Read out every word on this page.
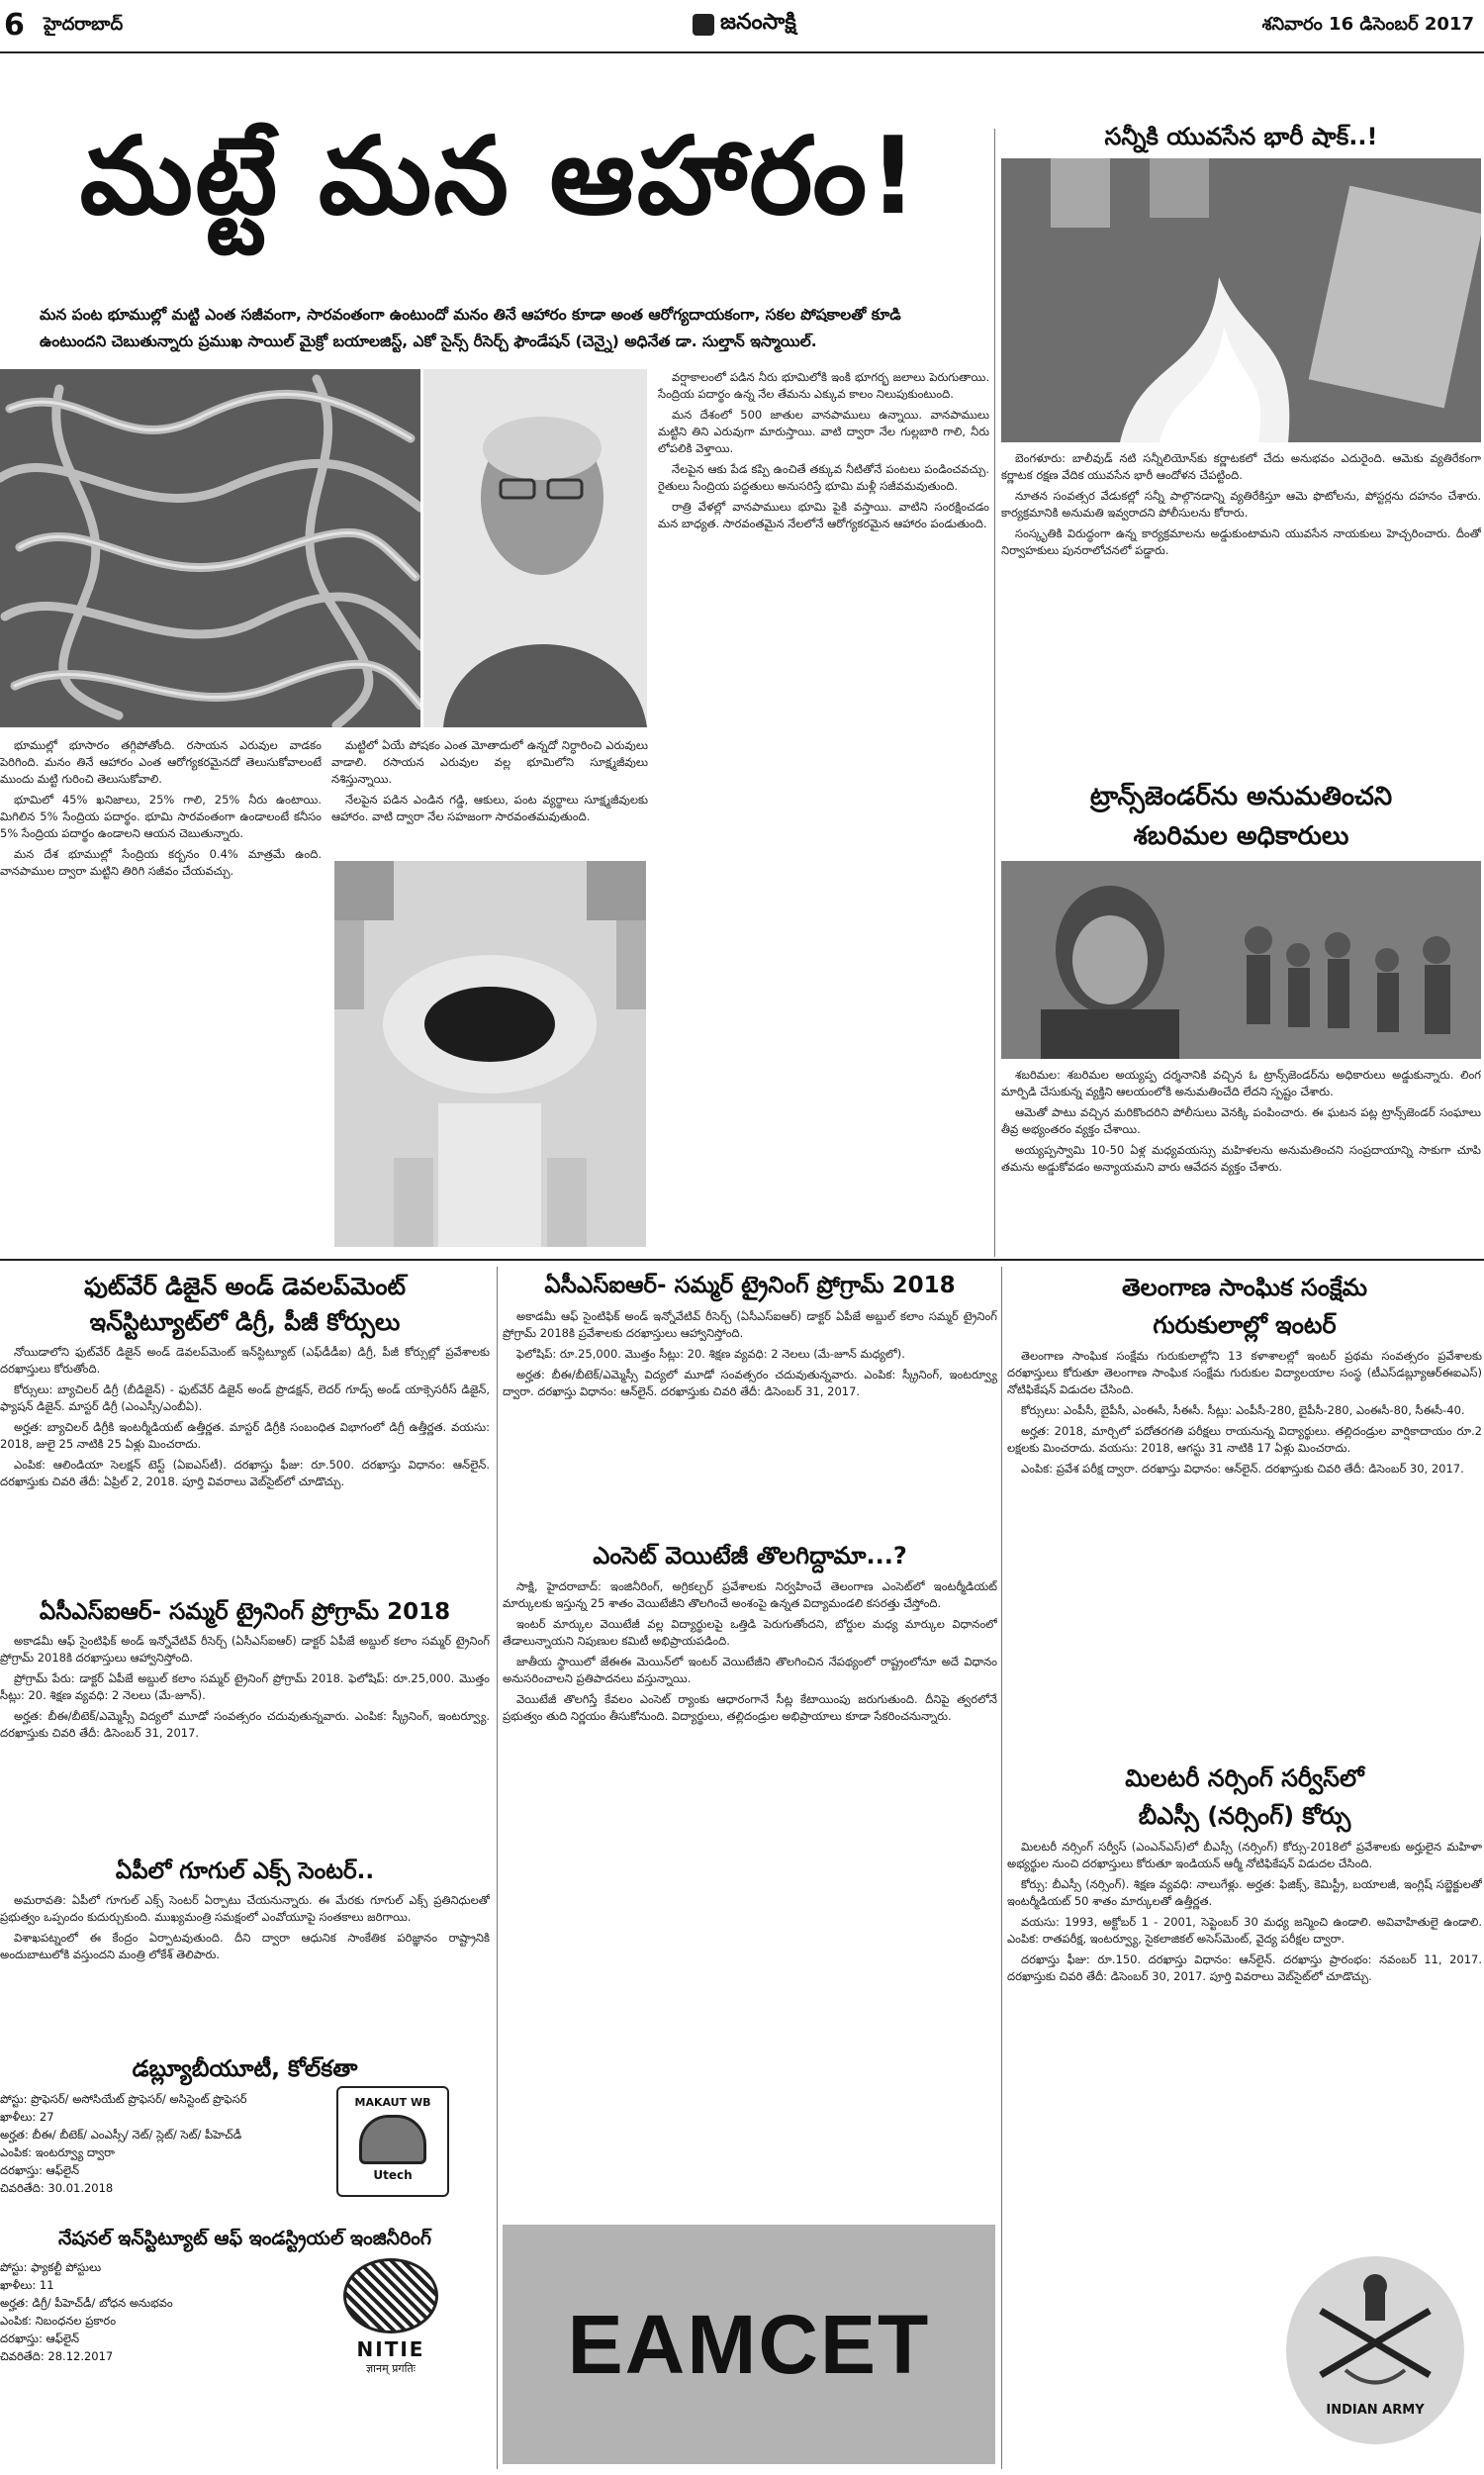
6 హైదరాబాద్	జనంసాక్షి	శనివారం 16 డిసెంబర్ 2017
మట్టే మన ఆహారం!
మన పంట భూముల్లో మట్టి ఎంత సజీవంగా, సారవంతంగా ఉంటుందో మనం తినే ఆహారం కూడా అంత ఆరోగ్యదాయకంగా, సకల పోషకాలతో కూడి
ఉంటుందని చెబుతున్నారు ప్రముఖ సాయిల్ మైక్రో బయాలజిస్ట్, ఎకో సైన్స్ రీసెర్చ్ ఫౌండేషన్ (చెన్నై) అధినేత డా. సుల్తాన్ ఇస్మాయిల్.

భూముల్లో భూసారం తగ్గిపోతోంది. రసాయన ఎరువుల వాడకం పెరిగింది. మనం తినే ఆహారం ఎంత ఆరోగ్యకరమైనదో తెలుసుకోవాలంటే ముందు మట్టి గురించి తెలుసుకోవాలి.

భూమిలో 45% ఖనిజాలు, 25% గాలి, 25% నీరు ఉంటాయి. మిగిలిన 5% సేంద్రియ పదార్థం. భూమి సారవంతంగా ఉండాలంటే కనీసం 5% సేంద్రియ పదార్థం ఉండాలని ఆయన చెబుతున్నారు.

మన దేశ భూముల్లో సేంద్రియ కర్బనం 0.4% మాత్రమే ఉంది. వానపాముల ద్వారా మట్టిని తిరిగి సజీవం చేయవచ్చు.

మట్టిలో ఏయే పోషకం ఎంత మోతాదులో ఉన్నదో నిర్ధారించి ఎరువులు వాడాలి. రసాయన ఎరువుల వల్ల భూమిలోని సూక్ష్మజీవులు నశిస్తున్నాయి.

నేలపైన పడిన ఎండిన గడ్డి, ఆకులు, పంట వ్యర్థాలు సూక్ష్మజీవులకు ఆహారం. వాటి ద్వారా నేల సహజంగా సారవంతమవుతుంది.

వర్షాకాలంలో పడిన నీరు భూమిలోకి ఇంకి భూగర్భ జలాలు పెరుగుతాయి. సేంద్రియ పదార్థం ఉన్న నేల తేమను ఎక్కువ కాలం నిలుపుకుంటుంది.

మన దేశంలో 500 జాతుల వానపాములు ఉన్నాయి. వానపాములు మట్టిని తిని ఎరువుగా మారుస్తాయి. వాటి ద్వారా నేల గుల్లబారి గాలి, నీరు లోపలికి వెళ్తాయి.

నేలపైన ఆకు పేడ కప్పి ఉంచితే తక్కువ నీటితోనే పంటలు పండించవచ్చు. రైతులు సేంద్రియ పద్ధతులు అనుసరిస్తే భూమి మళ్లీ సజీవమవుతుంది.

రాత్రి వేళల్లో వానపాములు భూమి పైకి వస్తాయి. వాటిని సంరక్షించడం మన బాధ్యత. సారవంతమైన నేలలోనే ఆరోగ్యకరమైన ఆహారం పండుతుంది.

సన్నీకి యువసేన భారీ షాక్..!

బెంగళూరు: బాలీవుడ్ నటి సన్నీలియోన్‌కు కర్ణాటకలో చేదు అనుభవం ఎదురైంది. ఆమెకు వ్యతిరేకంగా కర్ణాటక రక్షణ వేదిక యువసేన భారీ ఆందోళన చేపట్టింది.

నూతన సంవత్సర వేడుకల్లో సన్నీ పాల్గొనడాన్ని వ్యతిరేకిస్తూ ఆమె ఫొటోలను, పోస్టర్లను దహనం చేశారు. కార్యక్రమానికి అనుమతి ఇవ్వరాదని పోలీసులను కోరారు.

సంస్కృతికి విరుద్ధంగా ఉన్న కార్యక్రమాలను అడ్డుకుంటామని యువసేన నాయకులు హెచ్చరించారు. దీంతో నిర్వాహకులు పునరాలోచనలో పడ్డారు.

ట్రాన్స్‌జెండర్‌ను అనుమతించని
శబరిమల అధికారులు

శబరిమల: శబరిమల అయ్యప్ప దర్శనానికి వచ్చిన ఓ ట్రాన్స్‌జెండర్‌ను అధికారులు అడ్డుకున్నారు. లింగ మార్పిడి చేసుకున్న వ్యక్తిని ఆలయంలోకి అనుమతించేది లేదని స్పష్టం చేశారు.

ఆమెతో పాటు వచ్చిన మరికొందరిని పోలీసులు వెనక్కి పంపించారు. ఈ ఘటన పట్ల ట్రాన్స్‌జెండర్ సంఘాలు తీవ్ర అభ్యంతరం వ్యక్తం చేశాయి.

అయ్యప్పస్వామి 10-50 ఏళ్ల మధ్యవయస్సు మహిళలను అనుమతించని సంప్రదాయాన్ని సాకుగా చూపి తమను అడ్డుకోవడం అన్యాయమని వారు ఆవేదన వ్యక్తం చేశారు.

ఫుట్‌వేర్ డిజైన్ అండ్ డెవలప్‌మెంట్
ఇన్‌స్టిట్యూట్‌లో డిగ్రీ, పీజీ కోర్సులు

నోయిడాలోని ఫుట్‌వేర్ డిజైన్ అండ్ డెవలప్‌మెంట్ ఇన్‌స్టిట్యూట్ (ఎఫ్‌డీడీఐ) డిగ్రీ, పీజీ కోర్సుల్లో ప్రవేశాలకు దరఖాస్తులు కోరుతోంది.

కోర్సులు: బ్యాచిలర్ డిగ్రీ (బీడిజైన్) - ఫుట్‌వేర్ డిజైన్ అండ్ ప్రొడక్షన్, లెదర్ గూడ్స్ అండ్ యాక్సెసరీస్ డిజైన్, ఫ్యాషన్ డిజైన్. మాస్టర్ డిగ్రీ (ఎంఎస్సీ/ఎంబీఏ).

అర్హత: బ్యాచిలర్ డిగ్రీకి ఇంటర్మీడియట్ ఉత్తీర్ణత. మాస్టర్ డిగ్రీకి సంబంధిత విభాగంలో డిగ్రీ ఉత్తీర్ణత. వయసు: 2018, జులై 25 నాటికి 25 ఏళ్లు మించరాదు.

ఎంపిక: ఆలిండియా సెలక్షన్ టెస్ట్ (ఏఐఎస్‌టీ). దరఖాస్తు ఫీజు: రూ.500. దరఖాస్తు విధానం: ఆన్‌లైన్. దరఖాస్తుకు చివరి తేదీ: ఏప్రిల్ 2, 2018. పూర్తి వివరాలు వెబ్‌సైట్‌లో చూడొచ్చు.

ఏసీఎస్ఐఆర్- సమ్మర్ ట్రైనింగ్ ప్రోగ్రామ్ 2018

అకాడమీ ఆఫ్ సైంటిఫిక్ అండ్ ఇన్నోవేటివ్ రీసెర్చ్ (ఏసీఎస్ఐఆర్) డాక్టర్ ఏపీజే అబ్దుల్ కలాం సమ్మర్ ట్రైనింగ్ ప్రోగ్రామ్ 2018కి దరఖాస్తులు ఆహ్వానిస్తోంది.

ప్రోగ్రామ్ పేరు: డాక్టర్ ఏపీజే అబ్దుల్ కలాం సమ్మర్ ట్రైనింగ్ ప్రోగ్రామ్ 2018. ఫెలోషిప్: రూ.25,000. మొత్తం సీట్లు: 20. శిక్షణ వ్యవధి: 2 నెలలు (మే-జూన్).

అర్హత: బీఈ/బీటెక్/ఎమ్మెస్సీ విద్యలో మూడో సంవత్సరం చదువుతున్నవారు. ఎంపిక: స్క్రీనింగ్, ఇంటర్వ్యూ. దరఖాస్తుకు చివరి తేదీ: డిసెంబర్ 31, 2017.

ఏపీలో గూగుల్ ఎక్స్ సెంటర్..

అమరావతి: ఏపీలో గూగుల్ ఎక్స్ సెంటర్ ఏర్పాటు చేయనున్నారు. ఈ మేరకు గూగుల్ ఎక్స్ ప్రతినిధులతో ప్రభుత్వం ఒప్పందం కుదుర్చుకుంది. ముఖ్యమంత్రి సమక్షంలో ఎంవోయూపై సంతకాలు జరిగాయి.

విశాఖపట్నంలో ఈ కేంద్రం ఏర్పాటవుతుంది. దీని ద్వారా ఆధునిక సాంకేతిక పరిజ్ఞానం రాష్ట్రానికి అందుబాటులోకి వస్తుందని మంత్రి లోకేశ్ తెలిపారు.

డబ్ల్యూబీయూటీ, కోల్‌కతా
పోస్టు: ప్రొఫెసర్/ అసోసియేట్ ప్రొఫెసర్/ అసిస్టెంట్ ప్రొఫెసర్
ఖాళీలు: 27
అర్హత: బీఈ/ బీటెక్/ ఎంఎస్సీ/ నెట్/ స్లెట్/ సెట్/ పీహెచ్‌డీ
ఎంపిక: ఇంటర్వ్యూ ద్వారా
దరఖాస్తు: ఆఫ్‌లైన్
చివరితేది: 30.01.2018
MAKAUT WB
Utech
నేషనల్ ఇన్‌స్టిట్యూట్ ఆఫ్ ఇండస్ట్రియల్ ఇంజినీరింగ్
పోస్టు: ఫ్యాకల్టీ పోస్టులు
ఖాళీలు: 11
అర్హత: డిగ్రీ/ పీహెచ్‌డీ/ బోధన అనుభవం
ఎంపిక: నిబంధనల ప్రకారం
దరఖాస్తు: ఆఫ్‌లైన్
చివరితేది: 28.12.2017	NITIE
ज्ञानम् प्रगतिः
ఏసీఎస్ఐఆర్- సమ్మర్ ట్రైనింగ్ ప్రోగ్రామ్ 2018

అకాడమీ ఆఫ్ సైంటిఫిక్ అండ్ ఇన్నోవేటివ్ రీసెర్చ్ (ఏసీఎస్ఐఆర్) డాక్టర్ ఏపీజే అబ్దుల్ కలాం సమ్మర్ ట్రైనింగ్ ప్రోగ్రామ్ 2018కి ప్రవేశాలకు దరఖాస్తులు ఆహ్వానిస్తోంది.

ఫెలోషిప్: రూ.25,000. మొత్తం సీట్లు: 20. శిక్షణ వ్యవధి: 2 నెలలు (మే-జూన్ మధ్యలో).

అర్హత: బీఈ/బీటెక్/ఎమ్మెస్సీ విద్యలో మూడో సంవత్సరం చదువుతున్నవారు. ఎంపిక: స్క్రీనింగ్, ఇంటర్వ్యూ ద్వారా. దరఖాస్తు విధానం: ఆన్‌లైన్. దరఖాస్తుకు చివరి తేదీ: డిసెంబర్ 31, 2017.

ఎంసెట్ వెయిటేజీ తొలగిద్దామా...?

సాక్షి, హైదరాబాద్: ఇంజినీరింగ్, అగ్రికల్చర్ ప్రవేశాలకు నిర్వహించే తెలంగాణ ఎంసెట్‌లో ఇంటర్మీడియట్ మార్కులకు ఇస్తున్న 25 శాతం వెయిటేజీని తొలగించే అంశంపై ఉన్నత విద్యామండలి కసరత్తు చేస్తోంది.

ఇంటర్ మార్కుల వెయిటేజీ వల్ల విద్యార్థులపై ఒత్తిడి పెరుగుతోందని, బోర్డుల మధ్య మార్కుల విధానంలో తేడాలున్నాయని నిపుణుల కమిటీ అభిప్రాయపడింది.

జాతీయ స్థాయిలో జేఈఈ మెయిన్‌లో ఇంటర్ వెయిటేజీని తొలగించిన నేపథ్యంలో రాష్ట్రంలోనూ అదే విధానం అనుసరించాలని ప్రతిపాదనలు వస్తున్నాయి.

వెయిటేజీ తొలగిస్తే కేవలం ఎంసెట్ ర్యాంకు ఆధారంగానే సీట్ల కేటాయింపు జరుగుతుంది. దీనిపై త్వరలోనే ప్రభుత్వం తుది నిర్ణయం తీసుకోనుంది. విద్యార్థులు, తల్లిదండ్రుల అభిప్రాయాలు కూడా సేకరించనున్నారు.

EAMCET
తెలంగాణ సాంఘిక సంక్షేమ
గురుకులాల్లో ఇంటర్

తెలంగాణ సాంఘిక సంక్షేమ గురుకులాల్లోని 13 కళాశాలల్లో ఇంటర్ ప్రథమ సంవత్సరం ప్రవేశాలకు దరఖాస్తులు కోరుతూ తెలంగాణ సాంఘిక సంక్షేమ గురుకుల విద్యాలయాల సంస్థ (టీఎస్‌డబ్ల్యూఆర్ఈఐఎస్) నోటిఫికేషన్ విడుదల చేసింది.

కోర్సులు: ఎంపీసీ, బైపీసీ, ఎంఈసీ, సీఈసీ. సీట్లు: ఎంపీసీ-280, బైపీసీ-280, ఎంఈసీ-80, సీఈసీ-40.

అర్హత: 2018, మార్చిలో పదోతరగతి పరీక్షలు రాయనున్న విద్యార్థులు. తల్లిదండ్రుల వార్షికాదాయం రూ.2 లక్షలకు మించరాదు. వయసు: 2018, ఆగస్టు 31 నాటికి 17 ఏళ్లు మించరాదు.

ఎంపిక: ప్రవేశ పరీక్ష ద్వారా. దరఖాస్తు విధానం: ఆన్‌లైన్. దరఖాస్తుకు చివరి తేదీ: డిసెంబర్ 30, 2017.

మిలటరీ నర్సింగ్ సర్వీస్‌లో
బీఎస్సీ (నర్సింగ్) కోర్సు

మిలటరీ నర్సింగ్ సర్వీస్ (ఎంఎన్ఎస్)లో బీఎస్సీ (నర్సింగ్) కోర్సు-2018లో ప్రవేశాలకు అర్హులైన మహిళా అభ్యర్థుల నుంచి దరఖాస్తులు కోరుతూ ఇండియన్ ఆర్మీ నోటిఫికేషన్ విడుదల చేసింది.

కోర్సు: బీఎస్సీ (నర్సింగ్). శిక్షణ వ్యవధి: నాలుగేళ్లు. అర్హత: ఫిజిక్స్, కెమిస్ట్రీ, బయాలజీ, ఇంగ్లిష్ సబ్జెక్టులతో ఇంటర్మీడియట్ 50 శాతం మార్కులతో ఉత్తీర్ణత.

వయసు: 1993, అక్టోబర్ 1 - 2001, సెప్టెంబర్ 30 మధ్య జన్మించి ఉండాలి. అవివాహితులై ఉండాలి. ఎంపిక: రాతపరీక్ష, ఇంటర్వ్యూ, సైకలాజికల్ అసెస్‌మెంట్, వైద్య పరీక్షల ద్వారా.

దరఖాస్తు ఫీజు: రూ.150. దరఖాస్తు విధానం: ఆన్‌లైన్. దరఖాస్తు ప్రారంభం: నవంబర్ 11, 2017. దరఖాస్తుకు చివరి తేదీ: డిసెంబర్ 30, 2017. పూర్తి వివరాలు వెబ్‌సైట్‌లో చూడొచ్చు.

INDIAN ARMY
